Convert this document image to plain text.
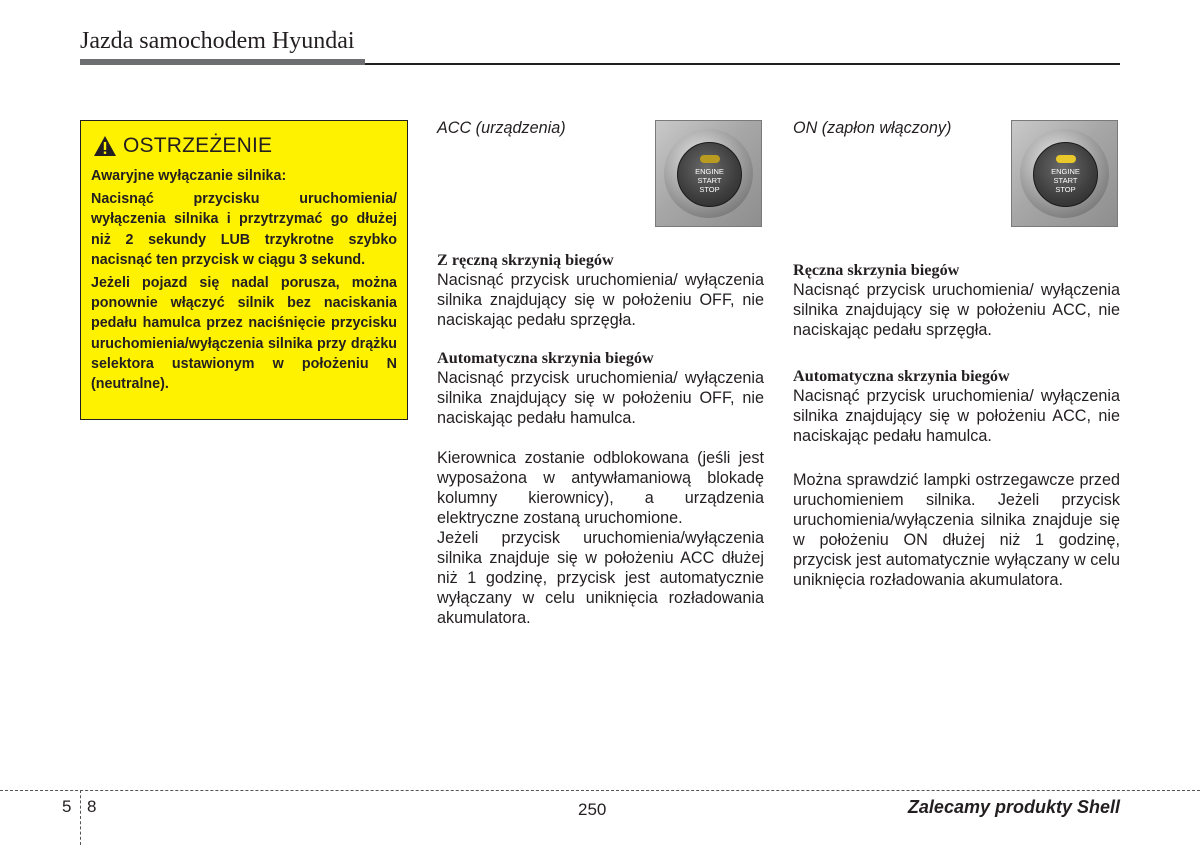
Jazda samochodem Hyundai
OSTRZEŻENIE

Awaryjne wyłączanie silnika:

Nacisnąć przycisku uruchomienia/ wyłączenia silnika i przytrzymać go dłużej niż 2 sekundy LUB trzykrotne szybko nacisnąć ten przycisk w ciągu 3 sekund.

Jeżeli pojazd się nadal porusza, można ponownie włączyć silnik bez naciskania pedału hamulca przez naciśnięcie przycisku uruchomienia/wyłączenia silnika przy drążku selektora ustawionym w położeniu N (neutralne).

ACC (urządzenia)
ENGINE
START
STOP
Z ręczną skrzynią biegów

Nacisnąć przycisk uruchomienia/ wyłączenia silnika znajdujący się w położeniu OFF, nie naciskając pedału sprzęgła.

Automatyczna skrzynia biegów

Nacisnąć przycisk uruchomienia/ wyłączenia silnika znajdujący się w położeniu OFF, nie naciskając pedału hamulca.

Kierownica zostanie odblokowana (jeśli jest wyposażona w antywłamaniową blokadę kolumny kierownicy), a urządzenia elektryczne zostaną uruchomione.

Jeżeli przycisk uruchomienia/wyłączenia silnika znajduje się w położeniu ACC dłużej niż 1 godzinę, przycisk jest automatycznie wyłączany w celu uniknięcia rozładowania akumulatora.

ON (zapłon włączony)
ENGINE
START
STOP
Ręczna skrzynia biegów

Nacisnąć przycisk uruchomienia/ wyłączenia silnika znajdujący się w położeniu ACC, nie naciskając pedału sprzęgła.

Automatyczna skrzynia biegów

Nacisnąć przycisk uruchomienia/ wyłączenia silnika znajdujący się w położeniu ACC, nie naciskając pedału hamulca.

Można sprawdzić lampki ostrzegawcze przed uruchomieniem silnika. Jeżeli przycisk uruchomienia/wyłączenia silnika znajduje się w położeniu ON dłużej niż 1 godzinę, przycisk jest automatycznie wyłączany w celu uniknięcia rozładowania akumulatora.

5 8	250	Zalecamy produkty Shell
